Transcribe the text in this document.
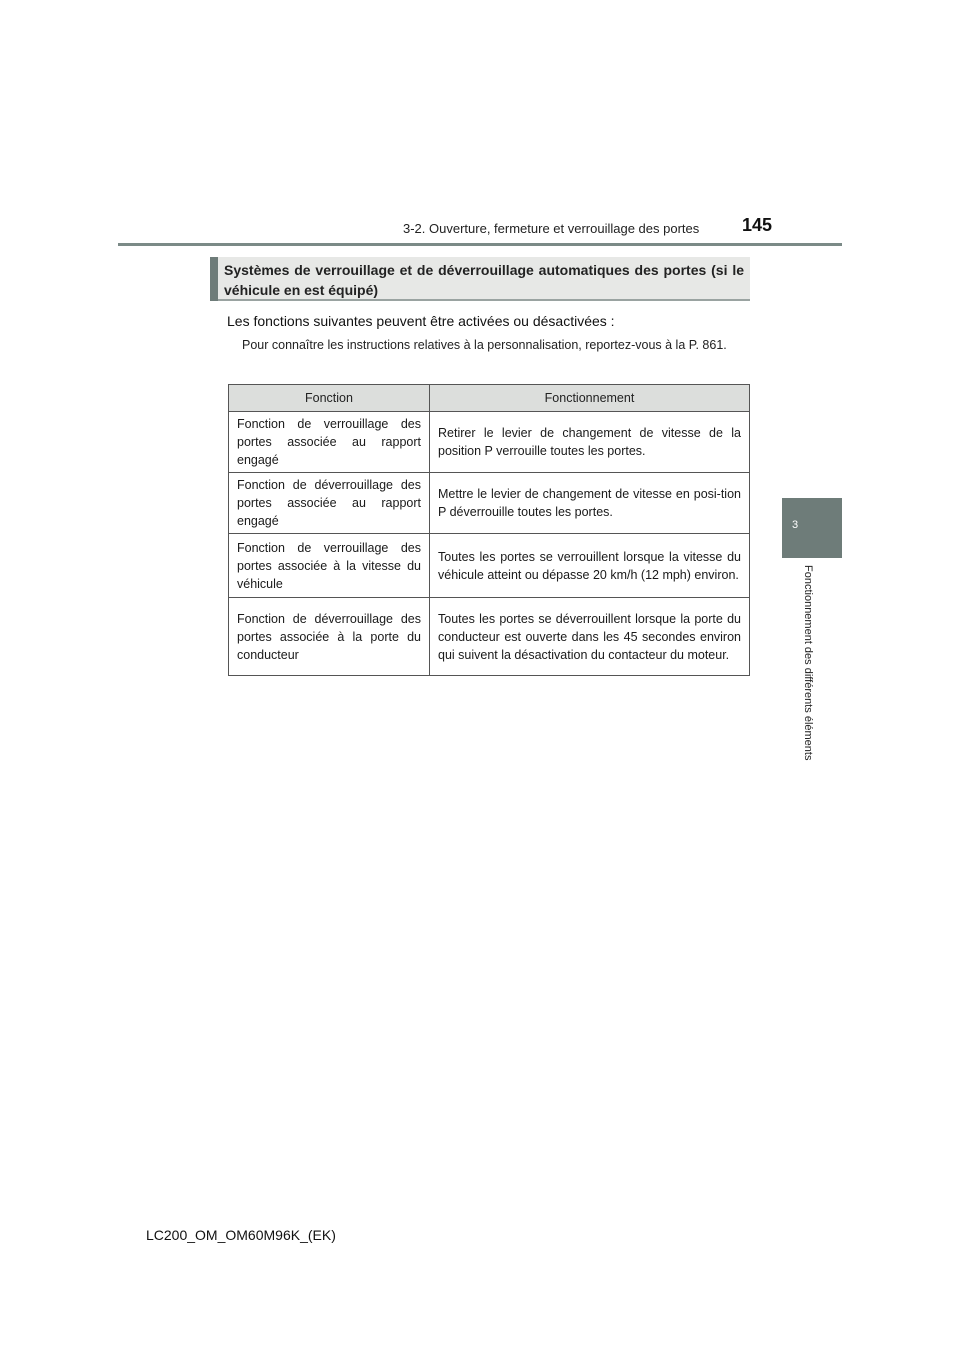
3-2. Ouverture, fermeture et verrouillage des portes 145
3
Fonctionnement des différents éléments
Systèmes de verrouillage et de déverrouillage automatiques des portes (si le véhicule en est équipé)
Les fonctions suivantes peuvent être activées ou désactivées :
Pour connaître les instructions relatives à la personnalisation, reportez-vous à la P. 861.
Fonction	Fonctionnement
Fonction de verrouillage des portes associée au rapport engagé	Retirer le levier de changement de vitesse de la position P verrouille toutes les portes.
Fonction de déverrouillage des portes associée au rapport engagé	Mettre le levier de changement de vitesse en posi-tion P déverrouille toutes les portes.
Fonction de verrouillage des portes associée à la vitesse du véhicule	Toutes les portes se verrouillent lorsque la vitesse du véhicule atteint ou dépasse 20 km/h (12 mph) environ.
Fonction de déverrouillage des portes associée à la porte du conducteur	Toutes les portes se déverrouillent lorsque la porte du conducteur est ouverte dans les 45 secondes environ qui suivent la désactivation du contacteur du moteur.
LC200_OM_OM60M96K_(EK)
